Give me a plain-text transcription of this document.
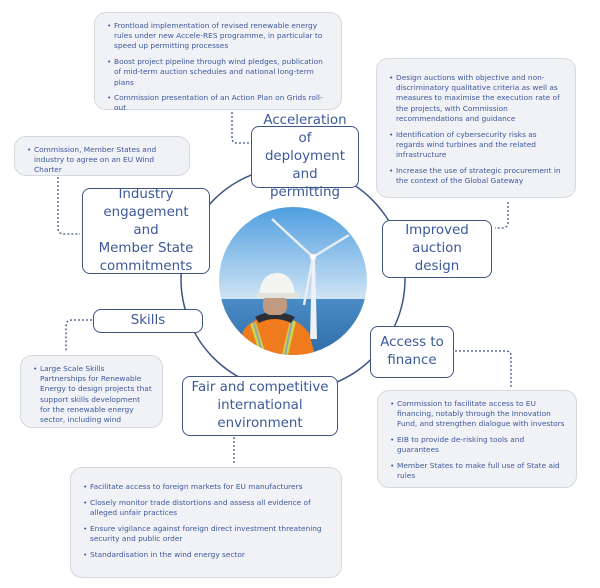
• Frontload implementation of revised renewable energy rules under new Accele-RES programme, in particular to speed up permitting processes
• Boost project pipeline through wind pledges, publication of mid-term auction schedules and national long-term plans
• Commission presentation of an Action Plan on Grids roll-out
• Design auctions with objective and non-discriminatory qualitative criteria as well as measures to maximise the execution rate of the projects, with Commission recommendations and guidance
• Identification of cybersecurity risks as regards wind turbines and the related infrastructure
• Increase the use of strategic procurement in the context of the Global Gateway
• Commission, Member States and industry to agree on an EU Wind Charter
• Large Scale Skills Partnerships for Renewable Energy to design projects that support skills development for the renewable energy sector, including wind
• Commission to facilitate access to EU financing, notably through the Innovation Fund, and strengthen dialogue with investors
• EIB to provide de-risking tools and guarantees
• Member States to make full use of State aid rules
• Facilitate access to foreign markets for EU manufacturers
• Closely monitor trade distortions and assess all evidence of alleged unfair practices
• Ensure vigilance against foreign direct investment threatening security and public order
• Standardisation in the wind energy sector
Acceleration
of deployment
and permitting
Improved
auction design
Access to
finance
Fair and competitive
international
environment
Skills
Industry
engagement and
Member State
commitments
